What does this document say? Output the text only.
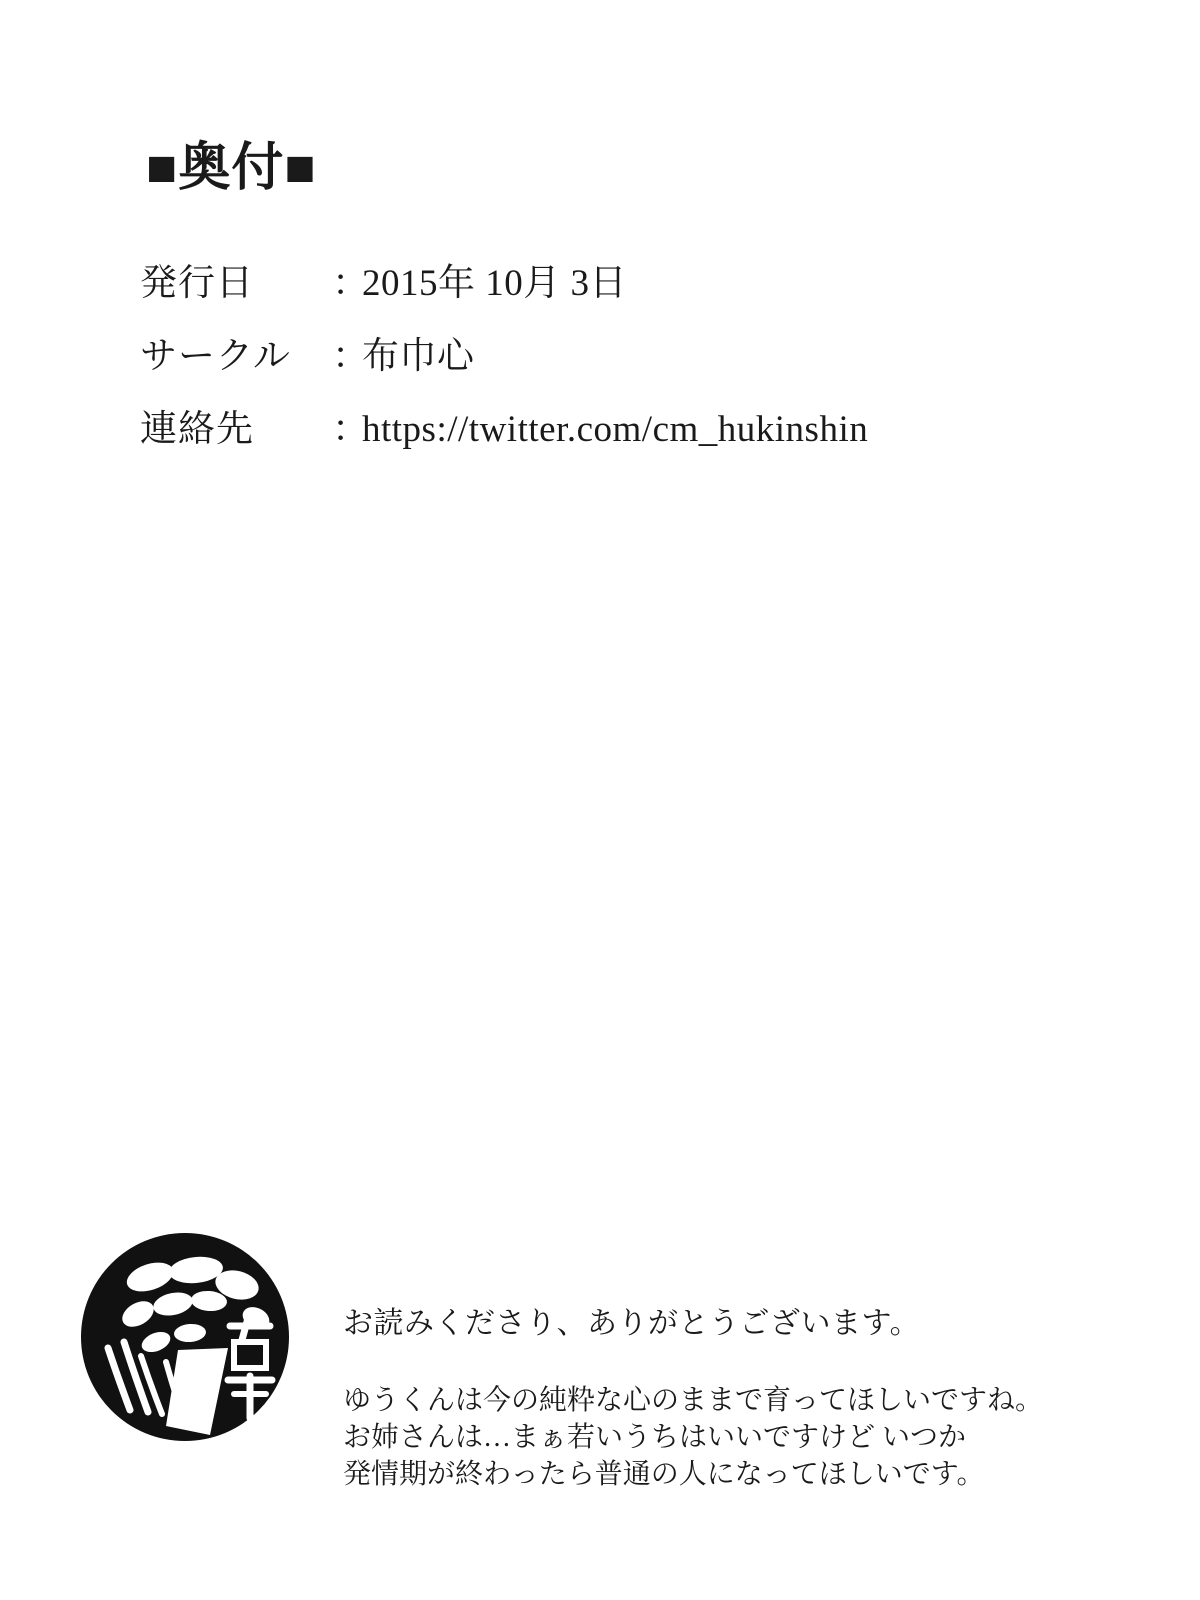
■奥付■
発行日	：
2015年 10月 3日
サークル	：
布巾心
連絡先	：
https://twitter.com/cm_hukinshin
お読みくださり、ありがとうございます。
ゆうくんは今の純粋な心のままで育ってほしいですね。
お姉さんは…まぁ若いうちはいいですけど いつか
発情期が終わったら普通の人になってほしいです。
